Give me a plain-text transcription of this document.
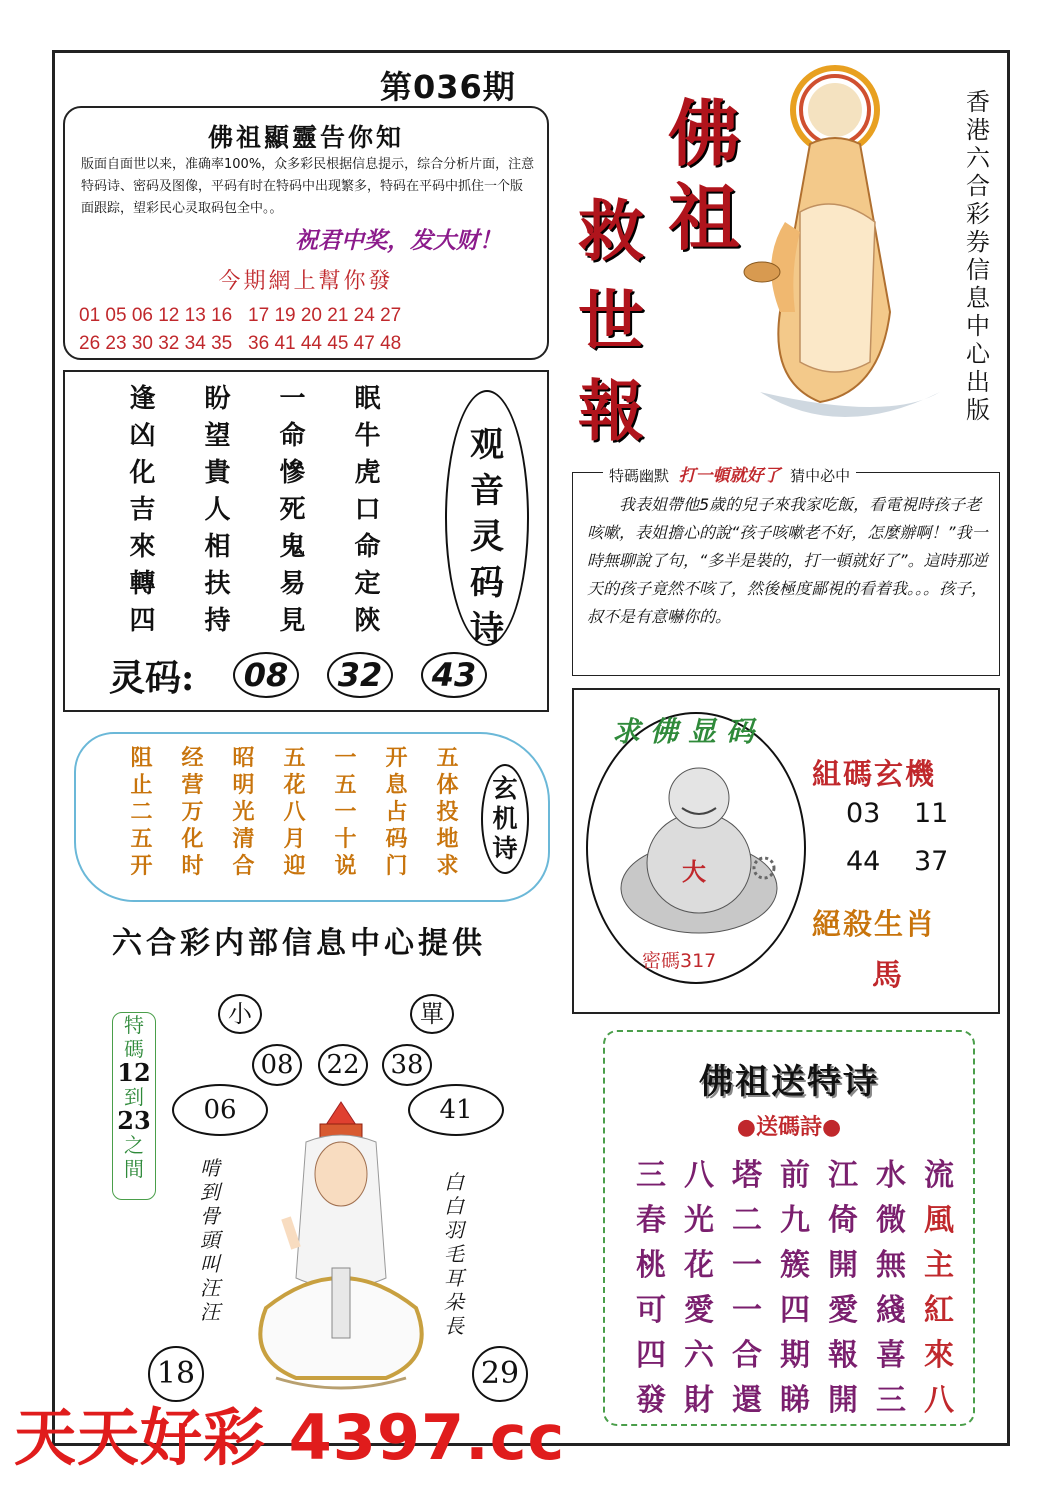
第036期
佛祖顯靈告你知
版面自面世以来，准确率100%，众多彩民根据信息提示，综合分析片面，注意特码诗、密码及图像，平码有时在特码中出现繁多，特码在平码中抓住一个版面跟踪，望彩民心灵取码包全中。。
祝君中奖，发大财！
今期網上幫你發
01 05 06 12 13 16   17 19 20 21 24 27
26 23 30 32 34 35   36 41 44 45 47 48
佛
祖
救
世
報
香港六合彩券信息中心出版
逢	盼	一	眠
凶	望	命	牛
化	貴	慘	虎
吉	人	死	口
來	相	鬼	命
轉	扶	易	定
四	持	見	陝
观
音
灵
码
诗
灵码:	08	32	43
特碼幽默 打一頓就好了 猜中必中
我表姐帶他5歲的兒子來我家吃飯，看電視時孩子老咳嗽，表姐擔心的說“孩子咳嗽老不好，怎麼辦啊！”我一時無聊說了句，“多半是裝的，打一頓就好了”。這時那逆天的孩子竟然不咳了，然後極度鄙視的看着我。。。孩子，叔不是有意嚇你的。
阻	经	昭	五	一	开	五
止	营	明	花	五	息	体
二	万	光	八	一	占	投
五	化	清	月	十	码	地
开	时	合	迎	说	门	求
玄
机
诗
求佛显码
大
密碼317
組碼玄機
03 11
44 37
絕殺生肖
馬
六合彩内部信息中心提供
小	單
08	22	38
06	41
特
碼
12
到
23
之
間	啃到骨頭叫汪汪
白白羽毛耳朵長
18	29
佛祖送特诗
●送碼詩●
三 八 塔 前 江 水 流
春 光 二 九 倚 微 風
桃 花 一 簇 開 無 主
可 愛 一 四 愛 綫 紅
四 六 合 期 報 喜 來
發 財 還 睇 開 三 八
天天好彩 4397.cc
